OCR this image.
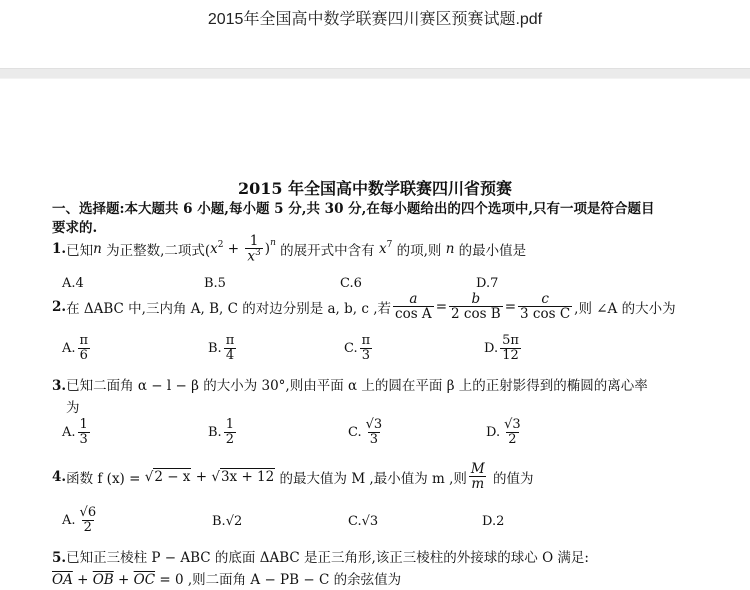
2015年全国高中数学联赛四川赛区预赛试题.pdf
2015 年全国高中数学联赛四川省预赛
一、选择题:本大题共 6 小题,每小题 5 分,共 30 分,在每小题给出的四个选项中,只有一项是符合题目
要求的.
1. 已知 n 为正整数,二项式( $x^2 + \frac{1}{x^3} )^n$ 的展开式中含有 $x^7$ 的项,则 n 的最小值是
A.4	B.5	C.6	D.7
2. 在 ΔABC 中,三内角 A, B, C 的对边分别是 a, b, c ,若 $\frac{a}{\text{cos A}} = \frac{b}{\text{2 cos B}} = \frac{c}{\text{3 cos C}}$ ,则 ∠A 的大小为
A. $\frac{\pi}{6}$	B. $\frac{\pi}{4}$	C. $\frac{\pi}{3}$	D. $\frac{5\pi}{12}$
3.已知二面角 α − l − β 的大小为 30°,则由平面 α 上的圆在平面 β 上的正射影得到的椭圆的离心率
为
A. $\frac{1}{3}$	B. $\frac{1}{2}$	C. $\frac{√3}{3}$	D. $\frac{√3}{2}$
4. 函数 f (x) = √2 − x + √3x + 12 的最大值为 M ,最小值为 m ,则 $\frac{M}{m}$ 的值为
A. $\frac{√6}{2}$	B.√2	C.√3	D.2
5.已知正三棱柱 P − ABC 的底面 ΔABC 是正三角形,该正三棱柱的外接球的球心 O 满足:
$\overline{OA} + \overline{OB} + \overline{OC} = 0$ ,则二面角 A − PB − C 的余弦值为
